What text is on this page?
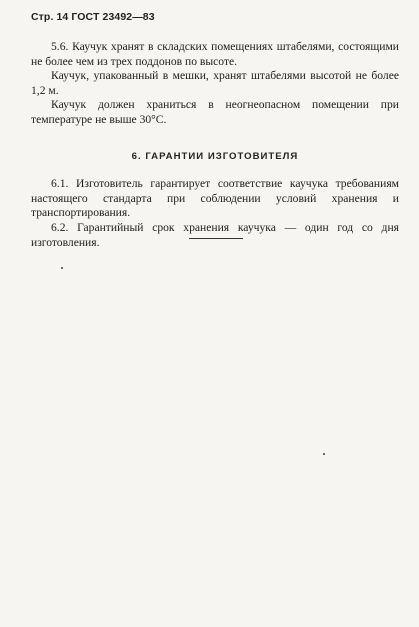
Стр. 14 ГОСТ 23492—83

5.6. Каучук хранят в складских помещениях штабелями, состоящими не более чем из трех поддонов по высоте.

Каучук, упакованный в мешки, хранят штабелями высотой не более 1,2 м.

Каучук должен храниться в неогнеопасном помещении при температуре не выше 30°С.

6. ГАРАНТИИ ИЗГОТОВИТЕЛЯ

6.1. Изготовитель гарантирует соответствие каучука требованиям настоящего стандарта при соблюдении условий хранения и транспортирования.

6.2. Гарантийный срок хранения каучука — один год со дня изготовления.
